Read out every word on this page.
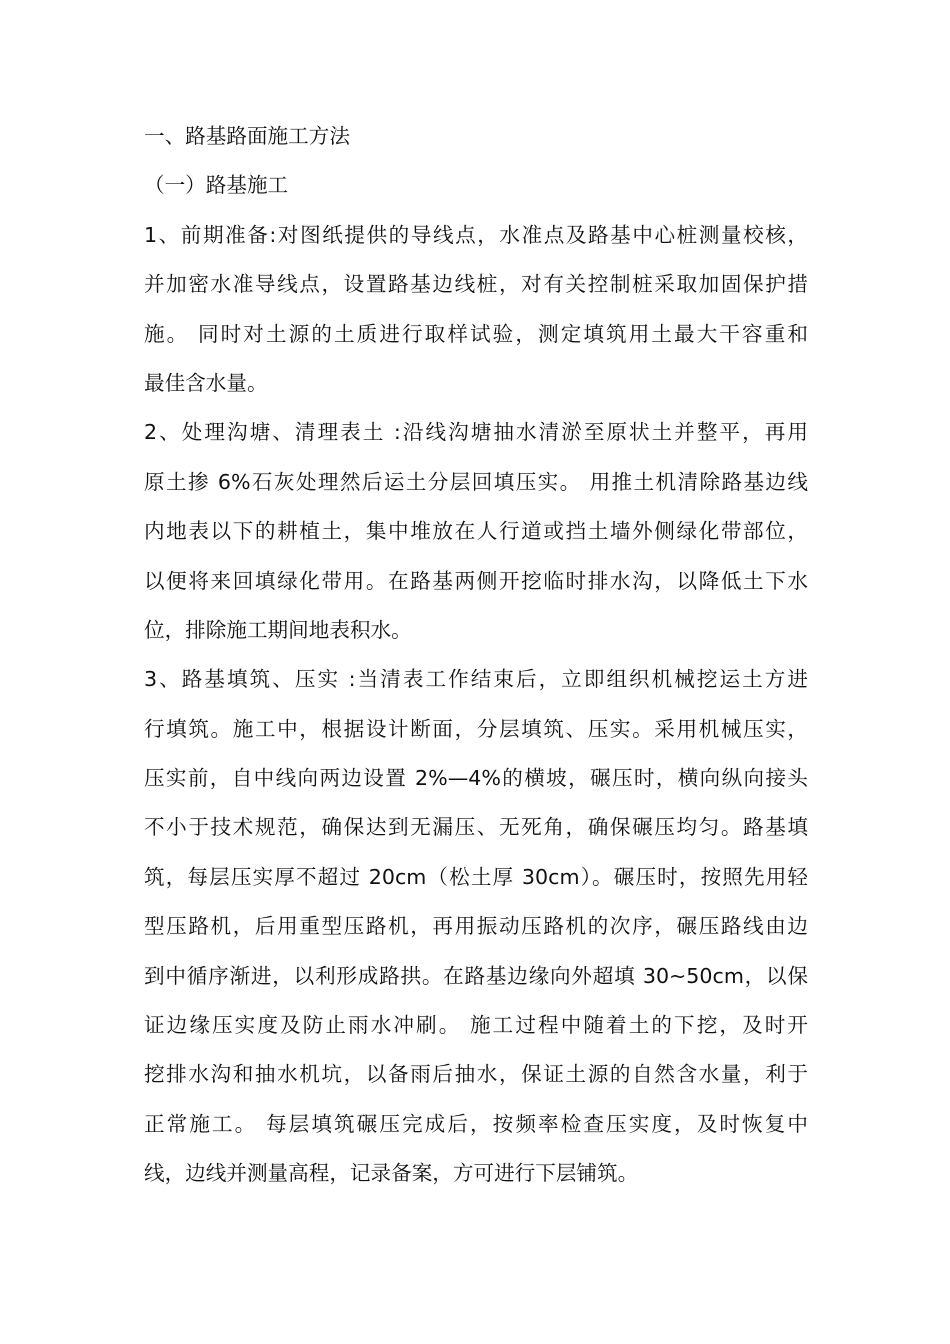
一、路基路面施工方法
（一）路基施工
1、前期准备:对图纸提供的导线点，水准点及路基中心桩测量校核，
并加密水准导线点，设置路基边线桩，对有关控制桩采取加固保护措
施。 同时对土源的土质进行取样试验，测定填筑用土最大干容重和
最佳含水量。
2、处理沟塘、清理表土 :沿线沟塘抽水清淤至原状土并整平，再用
原土掺 6%石灰处理然后运土分层回填压实。 用推土机清除路基边线
内地表以下的耕植土，集中堆放在人行道或挡土墙外侧绿化带部位，
以便将来回填绿化带用。在路基两侧开挖临时排水沟，以降低土下水
位，排除施工期间地表积水。
3、路基填筑、压实 :当清表工作结束后，立即组织机械挖运土方进
行填筑。施工中，根据设计断面，分层填筑、压实。采用机械压实，
压实前，自中线向两边设置 2%—4%的横坡，碾压时，横向纵向接头
不小于技术规范，确保达到无漏压、无死角，确保碾压均匀。路基填
筑，每层压实厚不超过 20cm（松土厚 30cm）。碾压时，按照先用轻
型压路机，后用重型压路机，再用振动压路机的次序，碾压路线由边
到中循序渐进，以利形成路拱。在路基边缘向外超填 30~50cm，以保
证边缘压实度及防止雨水冲刷。 施工过程中随着土的下挖，及时开
挖排水沟和抽水机坑，以备雨后抽水，保证土源的自然含水量，利于
正常施工。 每层填筑碾压完成后，按频率检查压实度，及时恢复中
线，边线并测量高程，记录备案，方可进行下层铺筑。
